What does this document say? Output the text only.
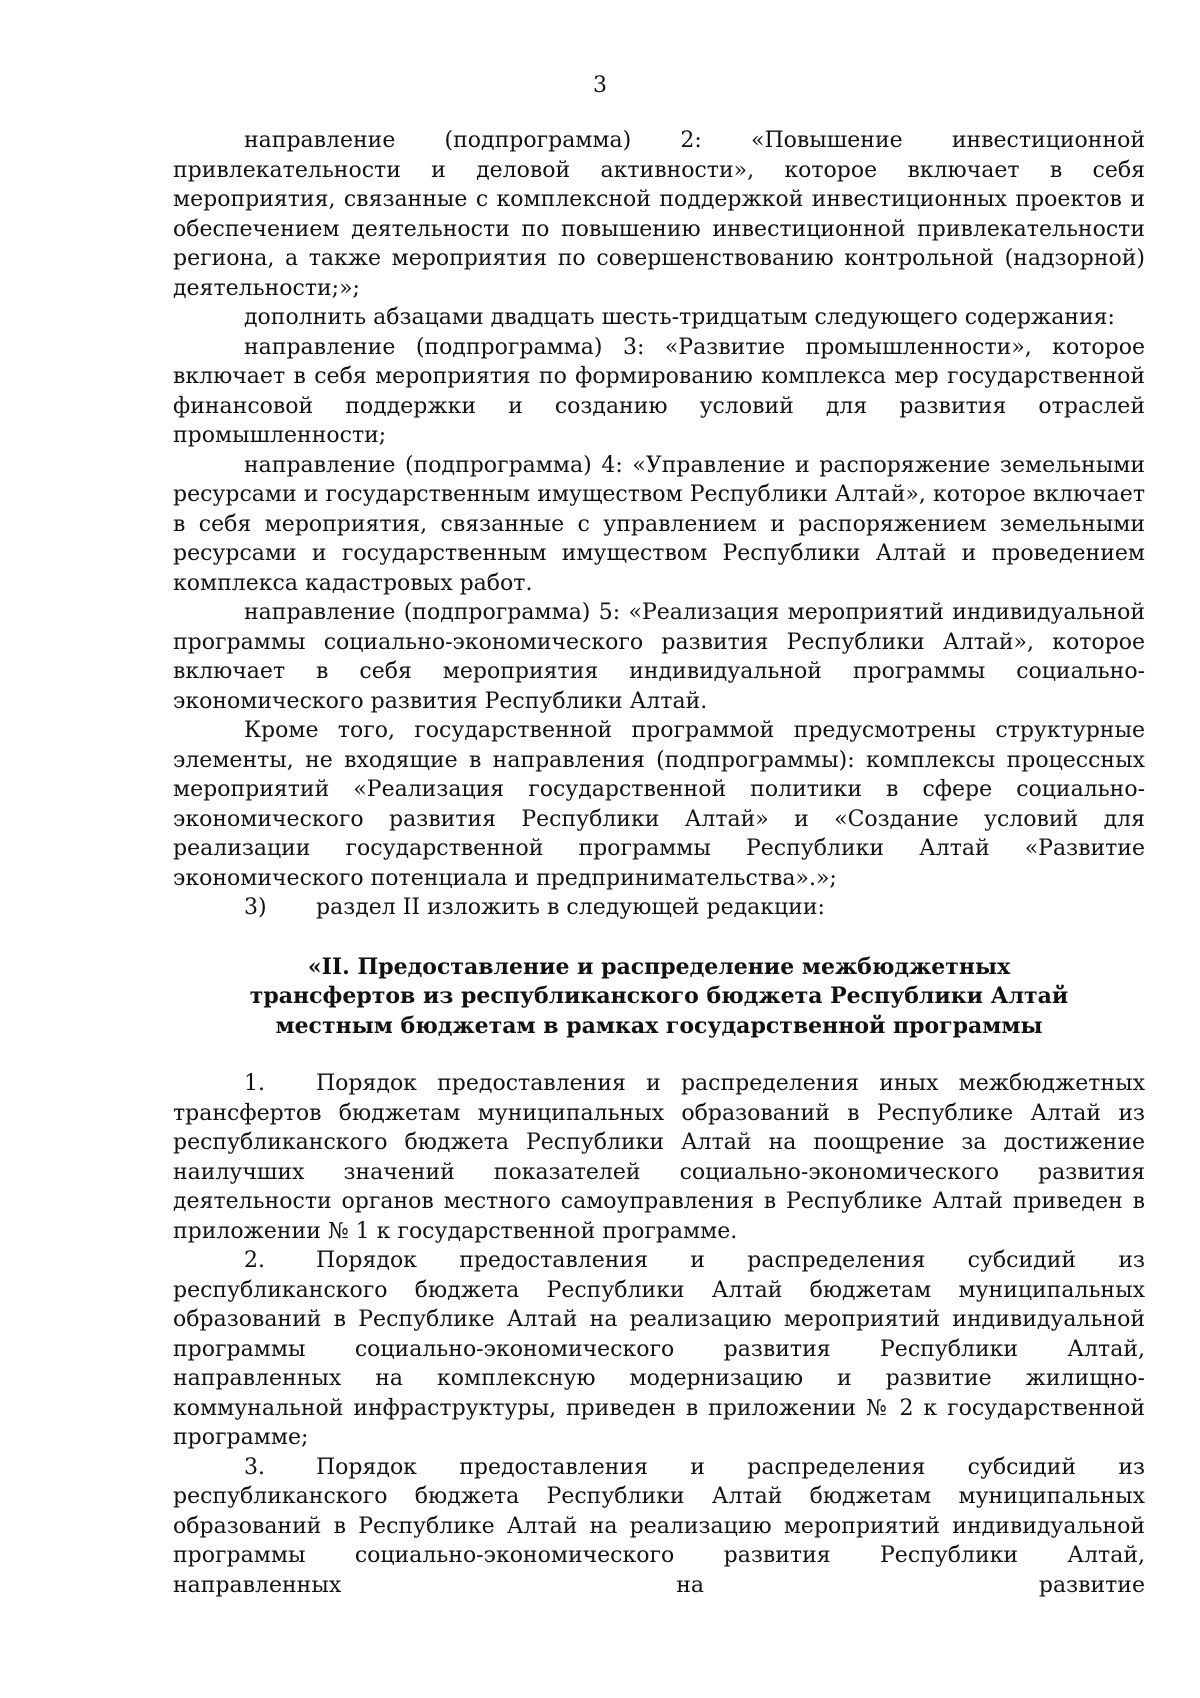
3

направление (подпрограмма) 2: «Повышение инвестиционной привлекательности и деловой активности», которое включает в себя мероприятия, связанные с комплексной поддержкой инвестиционных проектов и обеспечением деятельности по повышению инвестиционной привлекательности региона, а также мероприятия по совершенствованию контрольной (надзорной) деятельности;»;

дополнить абзацами двадцать шесть-тридцатым следующего содержания:

направление (подпрограмма) 3: «Развитие промышленности», которое включает в себя мероприятия по формированию комплекса мер государственной финансовой поддержки и созданию условий для развития отраслей промышленности;

направление (подпрограмма) 4: «Управление и распоряжение земельными ресурсами и государственным имуществом Республики Алтай», которое включает в себя мероприятия, связанные с управлением и распоряжением земельными ресурсами и государственным имуществом Республики Алтай и проведением комплекса кадастровых работ.

направление (подпрограмма) 5: «Реализация мероприятий индивидуальной программы социально-экономического развития Республики Алтай», которое включает в себя мероприятия индивидуальной программы социально-экономического развития Республики Алтай.

Кроме того, государственной программой предусмотрены структурные элементы, не входящие в направления (подпрограммы): комплексы процессных мероприятий «Реализация государственной политики в сфере социально-экономического развития Республики Алтай» и «Создание условий для реализации государственной программы Республики Алтай «Развитие экономического потенциала и предпринимательства».»;

3) раздел II изложить в следующей редакции:

«II. Предоставление и распределение межбюджетных
трансфертов из республиканского бюджета Республики Алтай
местным бюджетам в рамках государственной программы

1. Порядок предоставления и распределения иных межбюджетных трансфертов бюджетам муниципальных образований в Республике Алтай из республиканского бюджета Республики Алтай на поощрение за достижение наилучших значений показателей социально-экономического развития деятельности органов местного самоуправления в Республике Алтай приведен в приложении № 1 к государственной программе.

2. Порядок предоставления и распределения субсидий из республиканского бюджета Республики Алтай бюджетам муниципальных образований в Республике Алтай на реализацию мероприятий индивидуальной программы социально-экономического развития Республики Алтай, направленных на комплексную модернизацию и развитие жилищно-коммунальной инфраструктуры, приведен в приложении № 2 к государственной программе;

3. Порядок предоставления и распределения субсидий из республиканского бюджета Республики Алтай бюджетам муниципальных образований в Республике Алтай на реализацию мероприятий индивидуальной программы социально-экономического развития Республики Алтай, направленных на развитие
